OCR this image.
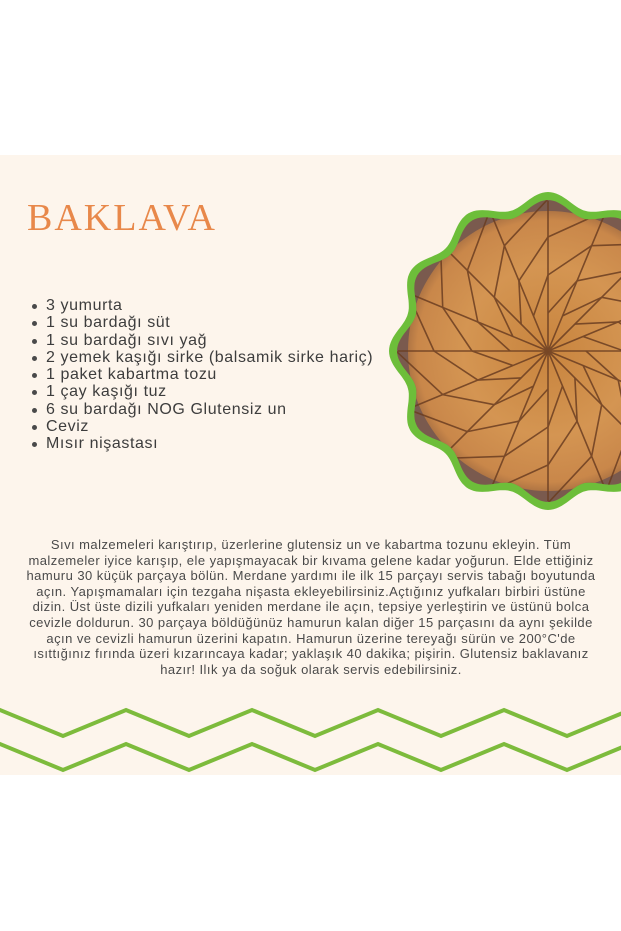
BAKLAVA
3 yumurta
1 su bardağı süt
1 su bardağı sıvı yağ
2 yemek kaşığı sirke (balsamik sirke hariç)
1 paket kabartma tozu
1 çay kaşığı tuz
6 su bardağı NOG Glutensiz un
Ceviz
Mısır nişastası

Sıvı malzemeleri karıştırıp, üzerlerine glutensiz un ve kabartma tozunu ekleyin. Tüm malzemeler iyice karışıp, ele yapışmayacak bir kıvama gelene kadar yoğurun. Elde ettiğiniz hamuru 30 küçük parçaya bölün. Merdane yardımı ile ilk 15 parçayı servis tabağı boyutunda açın. Yapışmamaları için tezgaha nişasta ekleyebilirsiniz.Açtığınız yufkaları birbiri üstüne dizin. Üst üste dizili yufkaları yeniden merdane ile açın, tepsiye yerleştirin ve üstünü bolca cevizle doldurun. 30 parçaya böldüğünüz hamurun kalan diğer 15 parçasını da aynı şekilde açın ve cevizli hamurun üzerini kapatın. Hamurun üzerine tereyağı sürün ve 200°C'de ısıttığınız fırında üzeri kızarıncaya kadar; yaklaşık 40 dakika; pişirin. Glutensiz baklavanız hazır! Ilık ya da soğuk olarak servis edebilirsiniz.
